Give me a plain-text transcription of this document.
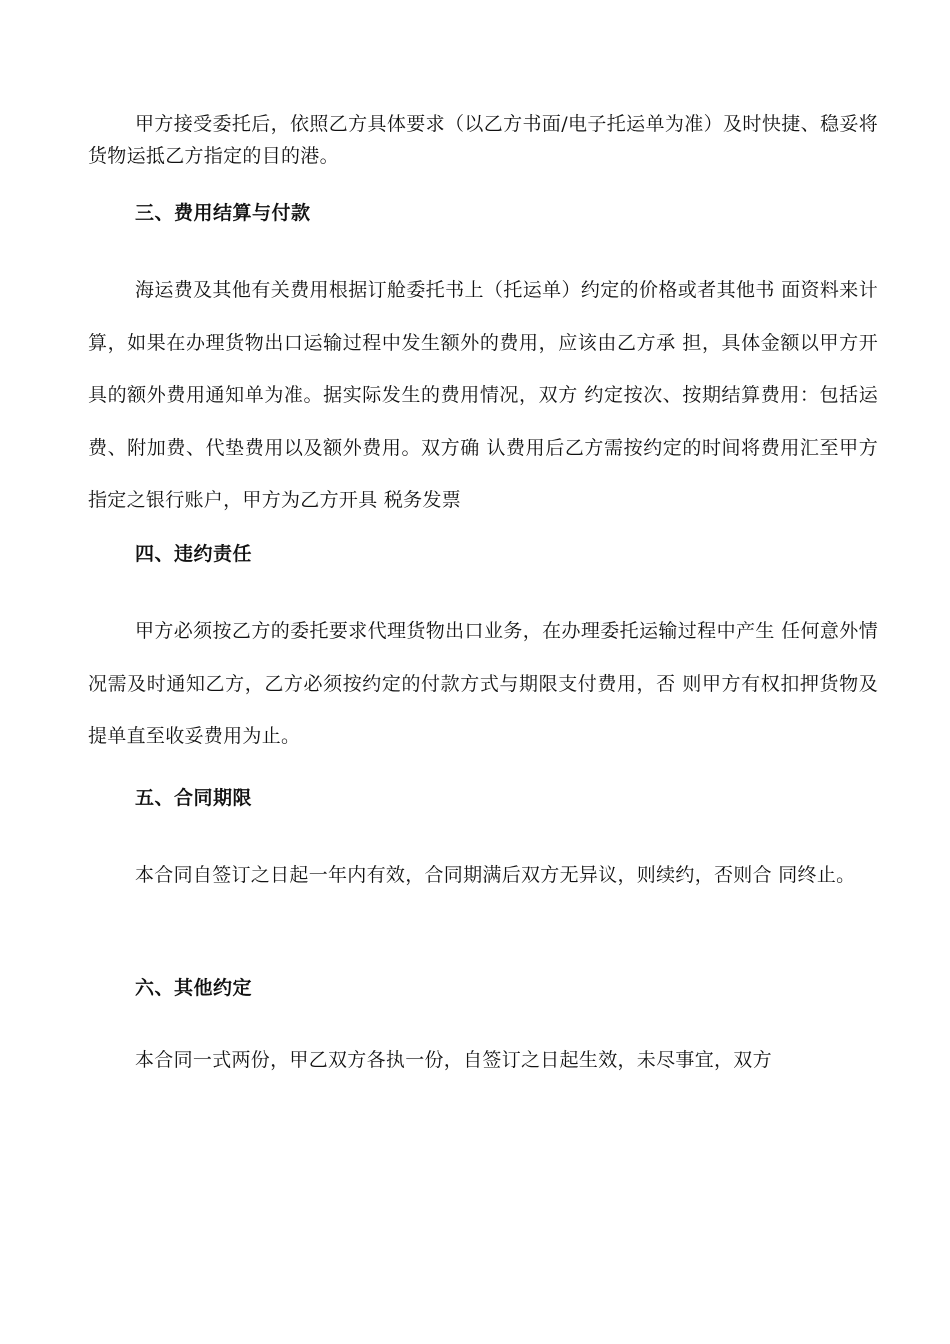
甲方接受委托后，依照乙方具体要求（以乙方书面/电子托运单为准）及时快捷、稳妥将货物运抵乙方指定的目的港。

三、费用结算与付款

海运费及其他有关费用根据订舱委托书上（托运单）约定的价格或者其他书 面资料来计算，如果在办理货物出口运输过程中发生额外的费用，应该由乙方承 担，具体金额以甲方开具的额外费用通知单为准。据实际发生的费用情况，双方 约定按次、按期结算费用：包括运费、附加费、代垫费用以及额外费用。双方确 认费用后乙方需按约定的时间将费用汇至甲方指定之银行账户，甲方为乙方开具 税务发票

四、违约责任

甲方必须按乙方的委托要求代理货物出口业务，在办理委托运输过程中产生 任何意外情况需及时通知乙方，乙方必须按约定的付款方式与期限支付费用，否 则甲方有权扣押货物及提单直至收妥费用为止。

五、合同期限

本合同自签订之日起一年内有效，合同期满后双方无异议，则续约，否则合 同终止。

六、其他约定

本合同一式两份，甲乙双方各执一份，自签订之日起生效，未尽事宜，双方
